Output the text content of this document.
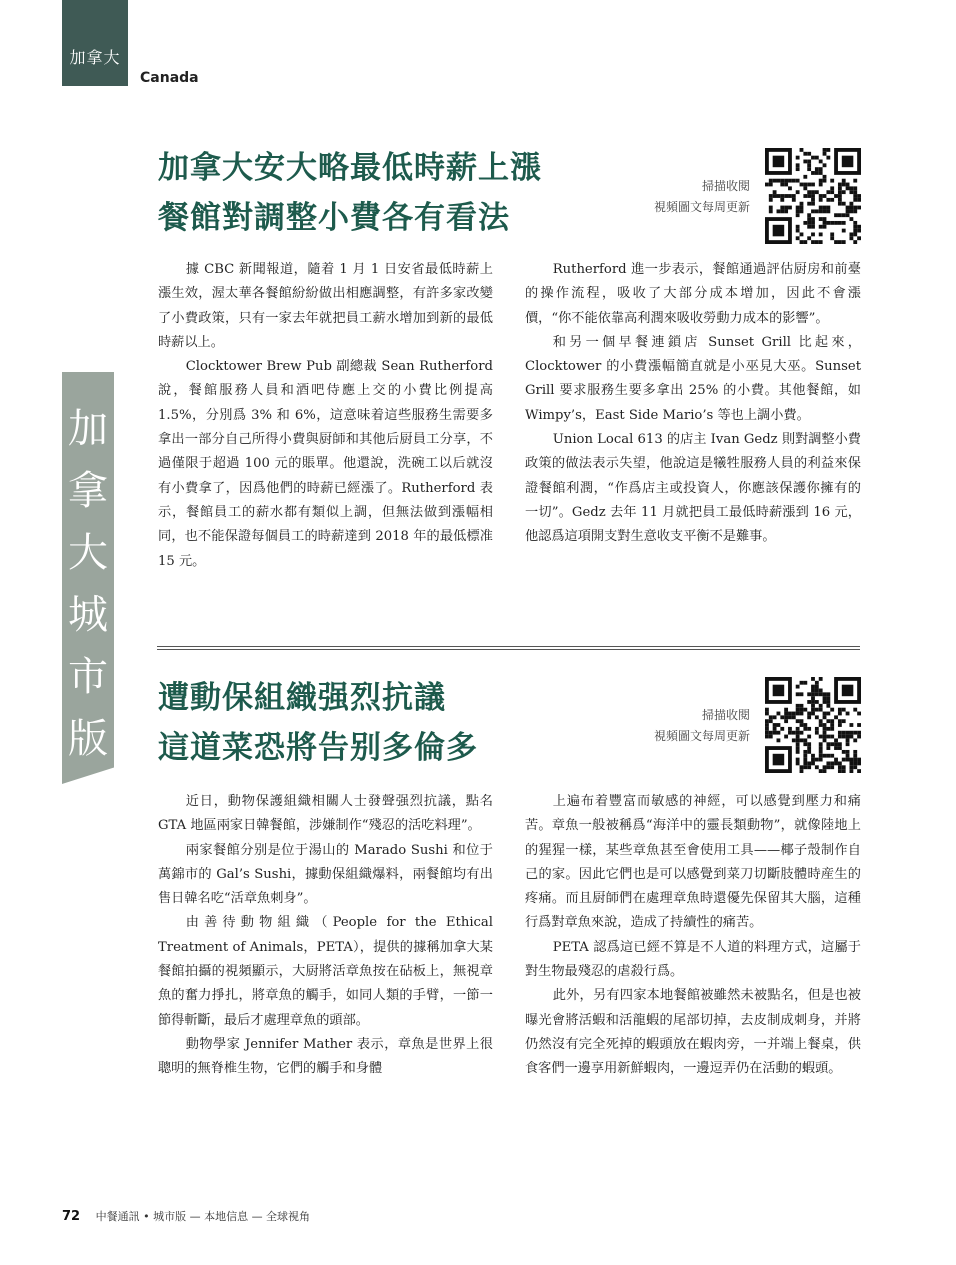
加拿大
Canada
加
拿
大
城
市
版
加拿大安大略最低時薪上漲
餐館對調整小費各有看法
掃描收閱
視頻圖文每周更新

據 CBC 新聞報道，隨着 1 月 1 日安省最低時薪上漲生效，渥太華各餐館紛紛做出相應調整，有許多家改變了小費政策，只有一家去年就把員工薪水增加到新的最低時薪以上。

Clocktower Brew Pub 副總裁 Sean Rutherford 說，餐館服務人員和酒吧侍應上交的小費比例提高 1.5%，分別爲 3% 和 6%，這意味着這些服務生需要多拿出一部分自己所得小費與厨師和其他后厨員工分享，不過僅限于超過 100 元的賬單。他還說，洗碗工以后就沒有小費拿了，因爲他們的時薪已經漲了。Rutherford 表示，餐館員工的薪水都有類似上調，但無法做到漲幅相同，也不能保證每個員工的時薪達到 2018 年的最低標准 15 元。

Rutherford 進一步表示，餐館通過評估厨房和前臺的操作流程，吸收了大部分成本增加，因此不會漲價，“你不能依靠高利潤來吸收勞動力成本的影響”。

和另一個早餐連鎖店 Sunset Grill 比起來，Clocktower 的小費漲幅簡直就是小巫見大巫。Sunset Grill 要求服務生要多拿出 25% 的小費。其他餐館，如 Wimpy’s，East Side Mario’s 等也上調小費。

Union Local 613 的店主 Ivan Gedz 則對調整小費政策的做法表示失望，他說這是犧牲服務人員的利益來保證餐館利潤，“作爲店主或投資人，你應該保護你擁有的一切”。Gedz 去年 11 月就把員工最低時薪漲到 16 元，他認爲這項開支對生意收支平衡不是難事。

遭動保組織强烈抗議
這道菜恐將告别多倫多
掃描收閱
視頻圖文每周更新

近日，動物保護組織相關人士發聲强烈抗議，點名 GTA 地區兩家日韓餐館，涉嫌制作“殘忍的活吃料理”。

兩家餐館分别是位于湯山的 Marado Sushi 和位于萬錦市的 Gal’s Sushi，據動保組織爆料，兩餐館均有出售日韓名吃“活章魚刺身”。

由善待動物組織（People for the Ethical Treatment of Animals，PETA），提供的據稱加拿大某餐館拍攝的視頻顯示，大厨將活章魚按在砧板上，無視章魚的奮力掙扎，將章魚的觸手，如同人類的手臂，一節一節得斬斷，最后才處理章魚的頭部。

動物學家 Jennifer Mather 表示，章魚是世界上很聰明的無脊椎生物，它們的觸手和身體

上遍布着豐富而敏感的神經，可以感覺到壓力和痛苦。章魚一般被稱爲“海洋中的靈長類動物”，就像陸地上的猩猩一樣，某些章魚甚至會使用工具——椰子殼制作自己的家。因此它們也是可以感覺到菜刀切斷肢體時産生的疼痛。而且厨師們在處理章魚時還優先保留其大腦，這種行爲對章魚來說，造成了持續性的痛苦。

PETA 認爲這已經不算是不人道的料理方式，這屬于對生物最殘忍的虐殺行爲。

此外，另有四家本地餐館被雖然未被點名，但是也被曝光會將活蝦和活龍蝦的尾部切掉，去皮制成刺身，并將仍然沒有完全死掉的蝦頭放在蝦肉旁，一并端上餐桌，供食客們一邊享用新鮮蝦肉，一邊逗弄仍在活動的蝦頭。

72 中餐通訊 • 城市版 — 本地信息 — 全球視角
